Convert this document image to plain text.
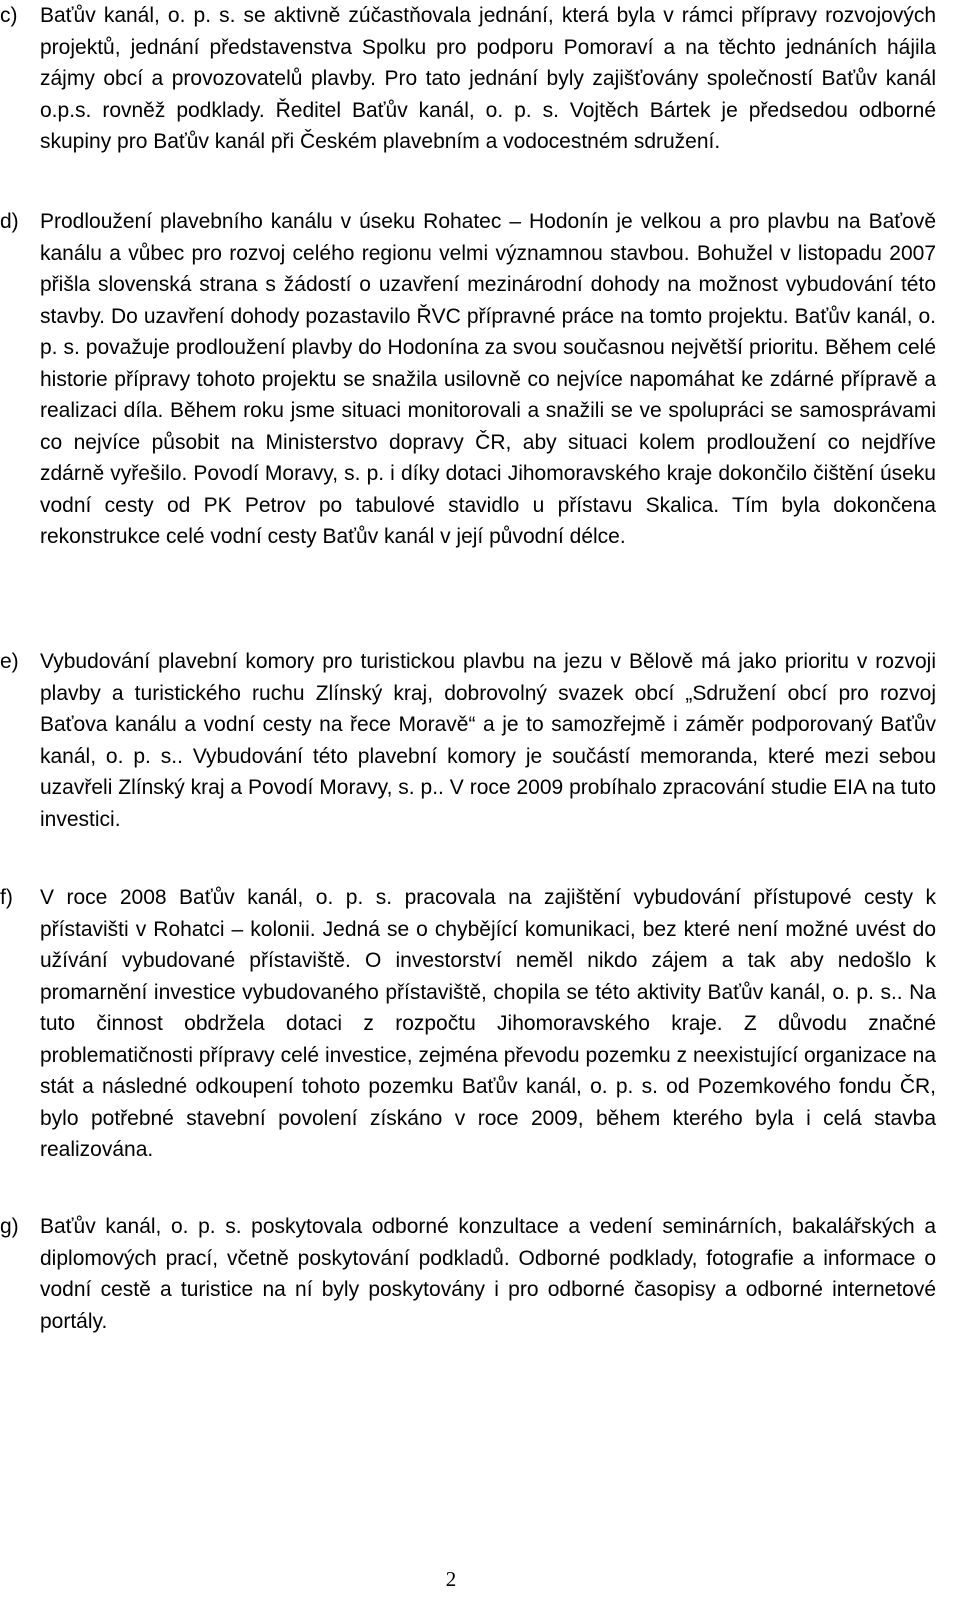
c) Baťův kanál, o. p. s. se aktivně zúčastňovala jednání, která byla v rámci přípravy rozvojových projektů, jednání představenstva Spolku pro podporu Pomoraví a na těchto jednáních hájila zájmy obcí a provozovatelů plavby. Pro tato jednání byly zajišťovány společností Baťův kanál o.p.s. rovněž podklady. Ředitel Baťův kanál, o. p. s. Vojtěch Bártek je předsedou odborné skupiny pro Baťův kanál při Českém plavebním a vodocestném sdružení.
d) Prodloužení plavebního kanálu v úseku Rohatec – Hodonín je velkou a pro plavbu na Baťově kanálu a vůbec pro rozvoj celého regionu velmi významnou stavbou. Bohužel v listopadu 2007 přišla slovenská strana s žádostí o uzavření mezinárodní dohody na možnost vybudování této stavby. Do uzavření dohody pozastavilo ŘVC přípravné práce na tomto projektu. Baťův kanál, o. p. s. považuje prodloužení plavby do Hodonína za svou současnou největší prioritu. Během celé historie přípravy tohoto projektu se snažila usilovně co nejvíce napomáhat ke zdárné přípravě a realizaci díla. Během roku jsme situaci monitorovali a snažili se ve spolupráci se samosprávami co nejvíce působit na Ministerstvo dopravy ČR, aby situaci kolem prodloužení co nejdříve zdárně vyřešilo. Povodí Moravy, s. p. i díky dotaci Jihomoravského kraje dokončilo čištění úseku vodní cesty od PK Petrov po tabulové stavidlo u přístavu Skalica. Tím byla dokončena rekonstrukce celé vodní cesty Baťův kanál v její původní délce.
e) Vybudování plavební komory pro turistickou plavbu na jezu v Bělově má jako prioritu v rozvoji plavby a turistického ruchu Zlínský kraj, dobrovolný svazek obcí „Sdružení obcí pro rozvoj Baťova kanálu a vodní cesty na řece Moravě“ a je to samozřejmě i záměr podporovaný Baťův kanál, o. p. s.. Vybudování této plavební komory je součástí memoranda, které mezi sebou uzavřeli Zlínský kraj a Povodí Moravy, s. p.. V roce 2009 probíhalo zpracování studie EIA na tuto investici.
f) V roce 2008 Baťův kanál, o. p. s. pracovala na zajištění vybudování přístupové cesty k přístavišti v Rohatci – kolonii. Jedná se o chybějící komunikaci, bez které není možné uvést do užívání vybudované přístaviště. O investorství neměl nikdo zájem a tak aby nedošlo k promarnění investice vybudovaného přístaviště, chopila se této aktivity Baťův kanál, o. p. s.. Na tuto činnost obdržela dotaci z rozpočtu Jihomoravského kraje. Z důvodu značné problematičnosti přípravy celé investice, zejména převodu pozemku z neexistující organizace na stát a následné odkoupení tohoto pozemku Baťův kanál, o. p. s. od Pozemkového fondu ČR, bylo potřebné stavební povolení získáno v roce 2009, během kterého byla i celá stavba realizována.
g) Baťův kanál, o. p. s. poskytovala odborné konzultace a vedení seminárních, bakalářských a diplomových prací, včetně poskytování podkladů. Odborné podklady, fotografie a informace o vodní cestě a turistice na ní byly poskytovány i pro odborné časopisy a odborné internetové portály.
2
